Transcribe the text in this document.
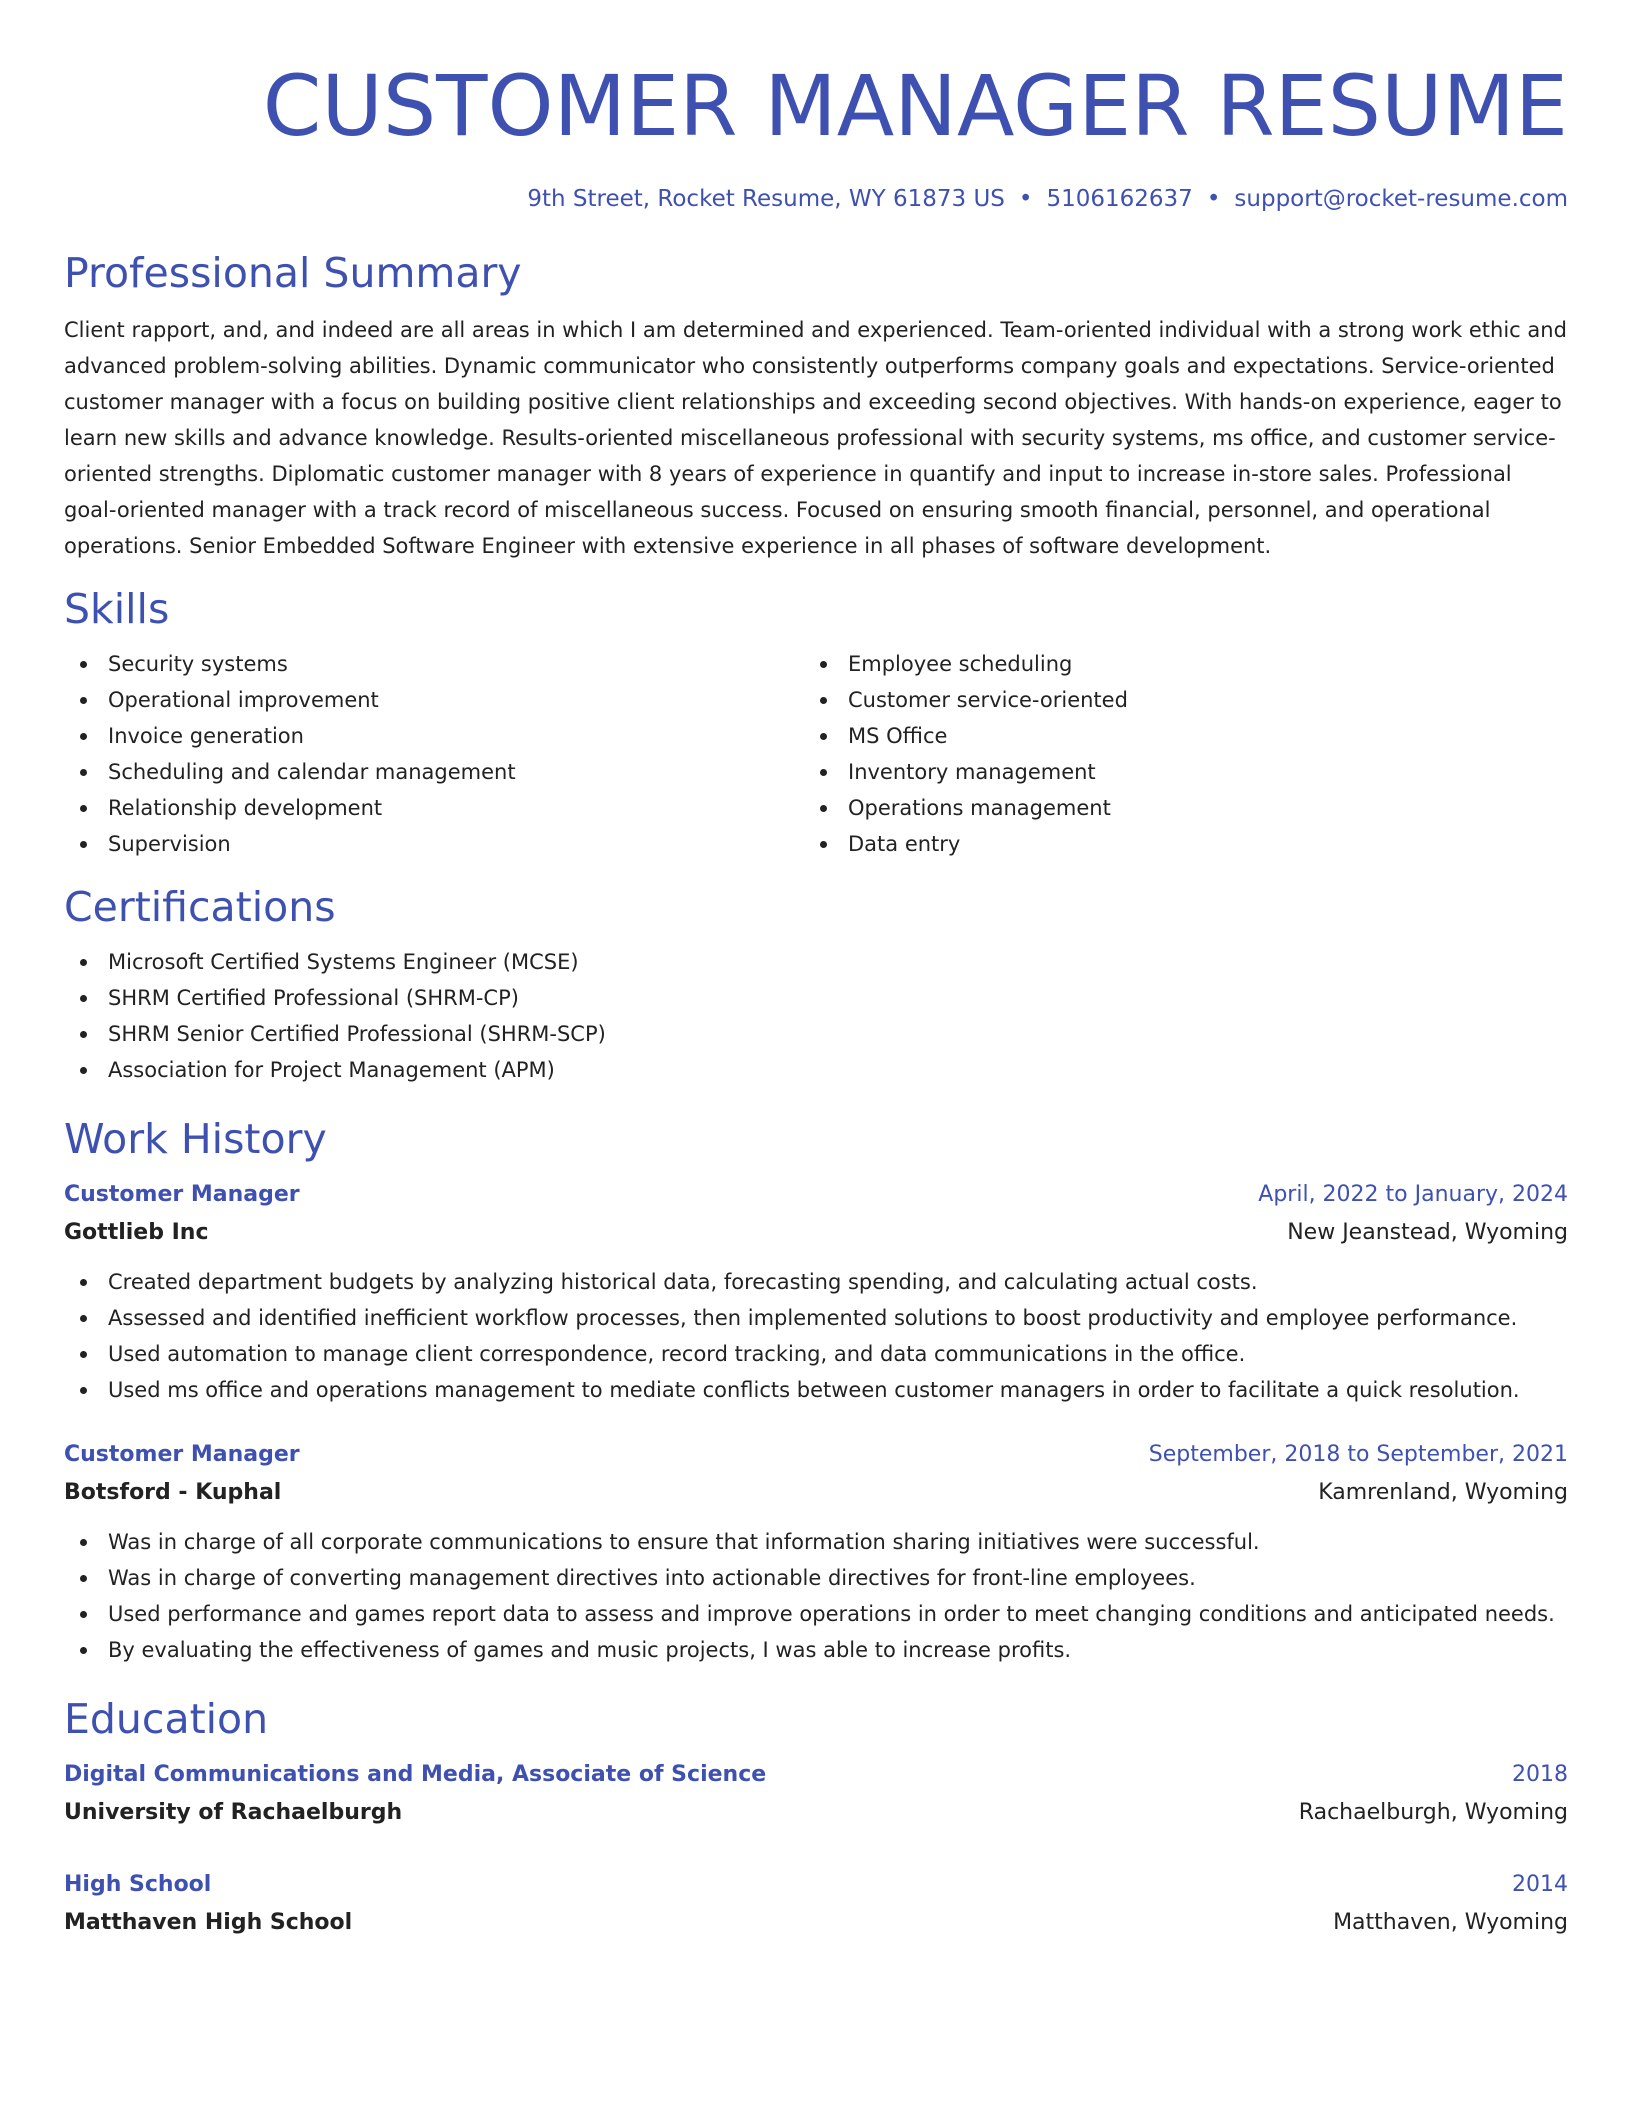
CUSTOMER MANAGER RESUME
9th Street, Rocket Resume, WY 61873 US • 5106162637 • support@rocket-resume.com
Professional Summary

Client rapport, and, and indeed are all areas in which I am determined and experienced. Team-oriented individual with a strong work ethic and advanced problem-solving abilities. Dynamic communicator who consistently outperforms company goals and expectations. Service-oriented customer manager with a focus on building positive client relationships and exceeding second objectives. With hands-on experience, eager to learn new skills and advance knowledge. Results-oriented miscellaneous professional with security systems, ms office, and customer service-oriented strengths. Diplomatic customer manager with 8 years of experience in quantify and input to increase in-store sales. Professional goal-oriented manager with a track record of miscellaneous success. Focused on ensuring smooth financial, personnel, and operational operations. Senior Embedded Software Engineer with extensive experience in all phases of software development.

Skills
Security systems
Operational improvement
Invoice generation
Scheduling and calendar management
Relationship development
Supervision
Employee scheduling
Customer service-oriented
MS Office
Inventory management
Operations management
Data entry
Certifications
Microsoft Certified Systems Engineer (MCSE)
SHRM Certified Professional (SHRM-CP)
SHRM Senior Certified Professional (SHRM-SCP)
Association for Project Management (APM)
Work History
Customer Manager	April, 2022 to January, 2024
Gottlieb Inc	New Jeanstead, Wyoming
Created department budgets by analyzing historical data, forecasting spending, and calculating actual costs.
Assessed and identified inefficient workflow processes, then implemented solutions to boost productivity and employee performance.
Used automation to manage client correspondence, record tracking, and data communications in the office.
Used ms office and operations management to mediate conflicts between customer managers in order to facilitate a quick resolution.
Customer Manager	September, 2018 to September, 2021
Botsford - Kuphal	Kamrenland, Wyoming
Was in charge of all corporate communications to ensure that information sharing initiatives were successful.
Was in charge of converting management directives into actionable directives for front-line employees.
Used performance and games report data to assess and improve operations in order to meet changing conditions and anticipated needs.
By evaluating the effectiveness of games and music projects, I was able to increase profits.
Education
Digital Communications and Media, Associate of Science	2018
University of Rachaelburgh	Rachaelburgh, Wyoming
High School	2014
Matthaven High School	Matthaven, Wyoming
